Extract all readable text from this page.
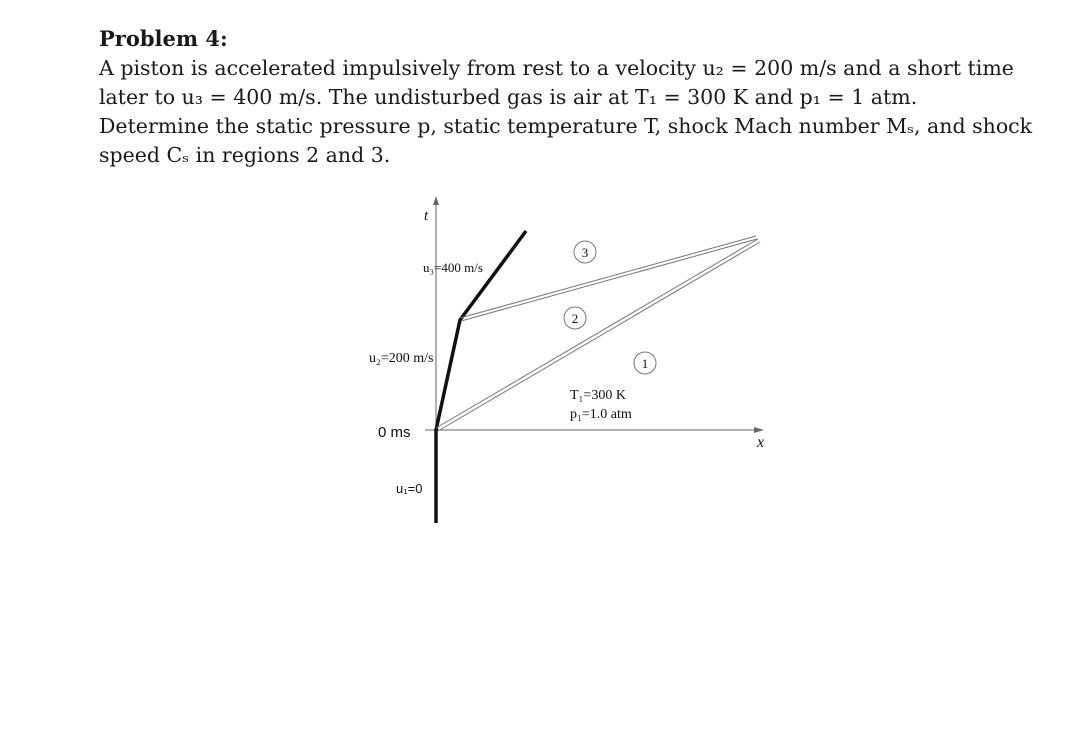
Problem 4:

A piston is accelerated impulsively from rest to a velocity u₂ = 200 m/s and a short time
later to u₃ = 400 m/s. The undisturbed gas is air at T₁ = 300 K and p₁ = 1 atm.
Determine the static pressure p, static temperature T, shock Mach number Mₛ, and shock
speed Cₛ in regions 2 and 3.

t
x
u₃=400 m/s
u₂=200 m/s
0 ms
u₁=0
3
2
1
T₁=300 K
p₁=1.0 atm
